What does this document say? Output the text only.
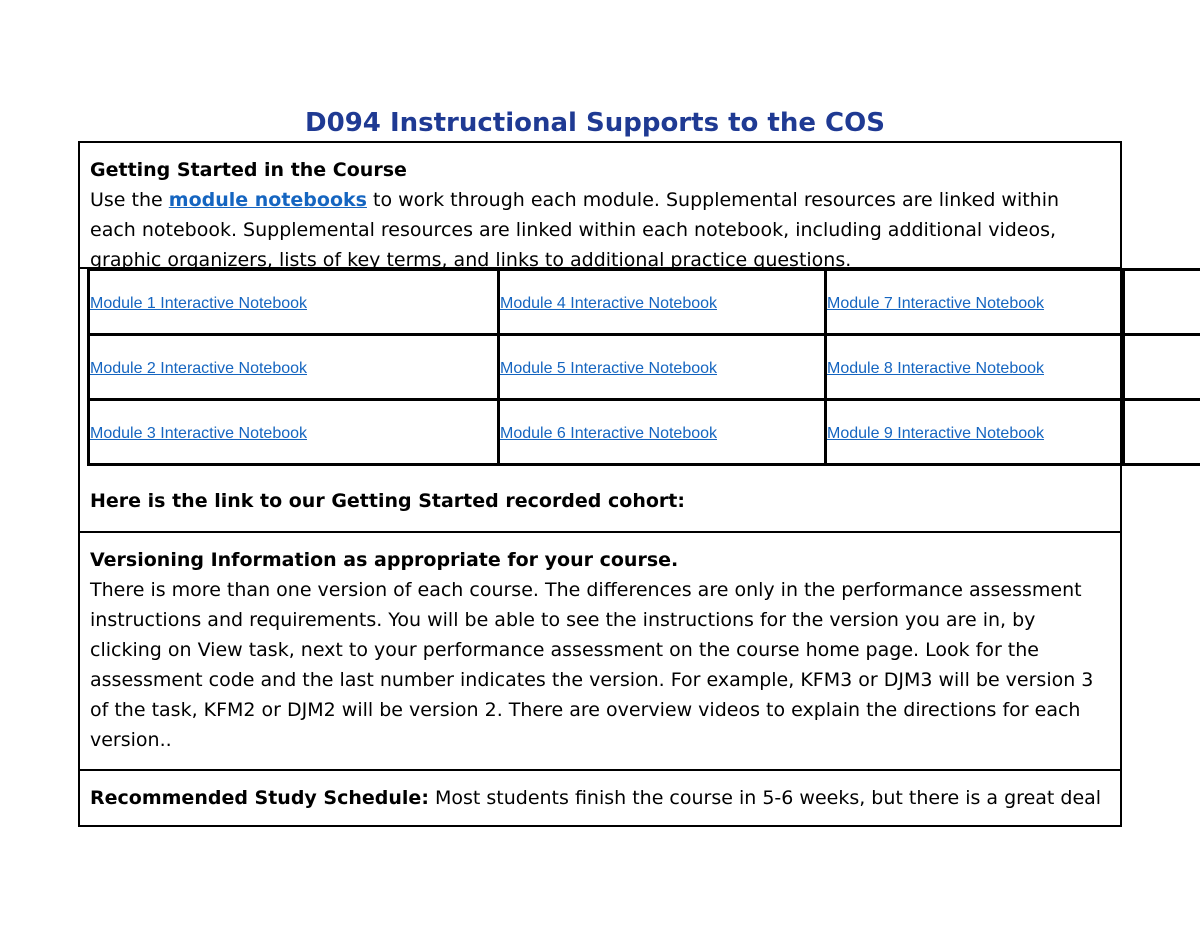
D094 Instructional Supports to the COS
Getting Started in the Course
Use the module notebooks to work through each module. Supplemental resources are linked within each notebook. Supplemental resources are linked within each notebook, including additional videos, graphic organizers, lists of key terms, and links to additional practice questions.
Here is the link to our Getting Started recorded cohort:
Versioning Information as appropriate for your course.
There is more than one version of each course. The differences are only in the performance assessment instructions and requirements. You will be able to see the instructions for the version you are in, by clicking on View task, next to your performance assessment on the course home page. Look for the assessment code and the last number indicates the version. For example, KFM3 or DJM3 will be version 3 of the task, KFM2 or DJM2 will be version 2. There are overview videos to explain the directions for each version..
Recommended Study Schedule: Most students finish the course in 5-6 weeks, but there is a great deal
Module 1 Interactive Notebook	Module 4 Interactive Notebook	Module 7 Interactive Notebook	

Module 2 Interactive Notebook	Module 5 Interactive Notebook	Module 8 Interactive Notebook	

Module 3 Interactive Notebook	Module 6 Interactive Notebook	Module 9 Interactive Notebook	
